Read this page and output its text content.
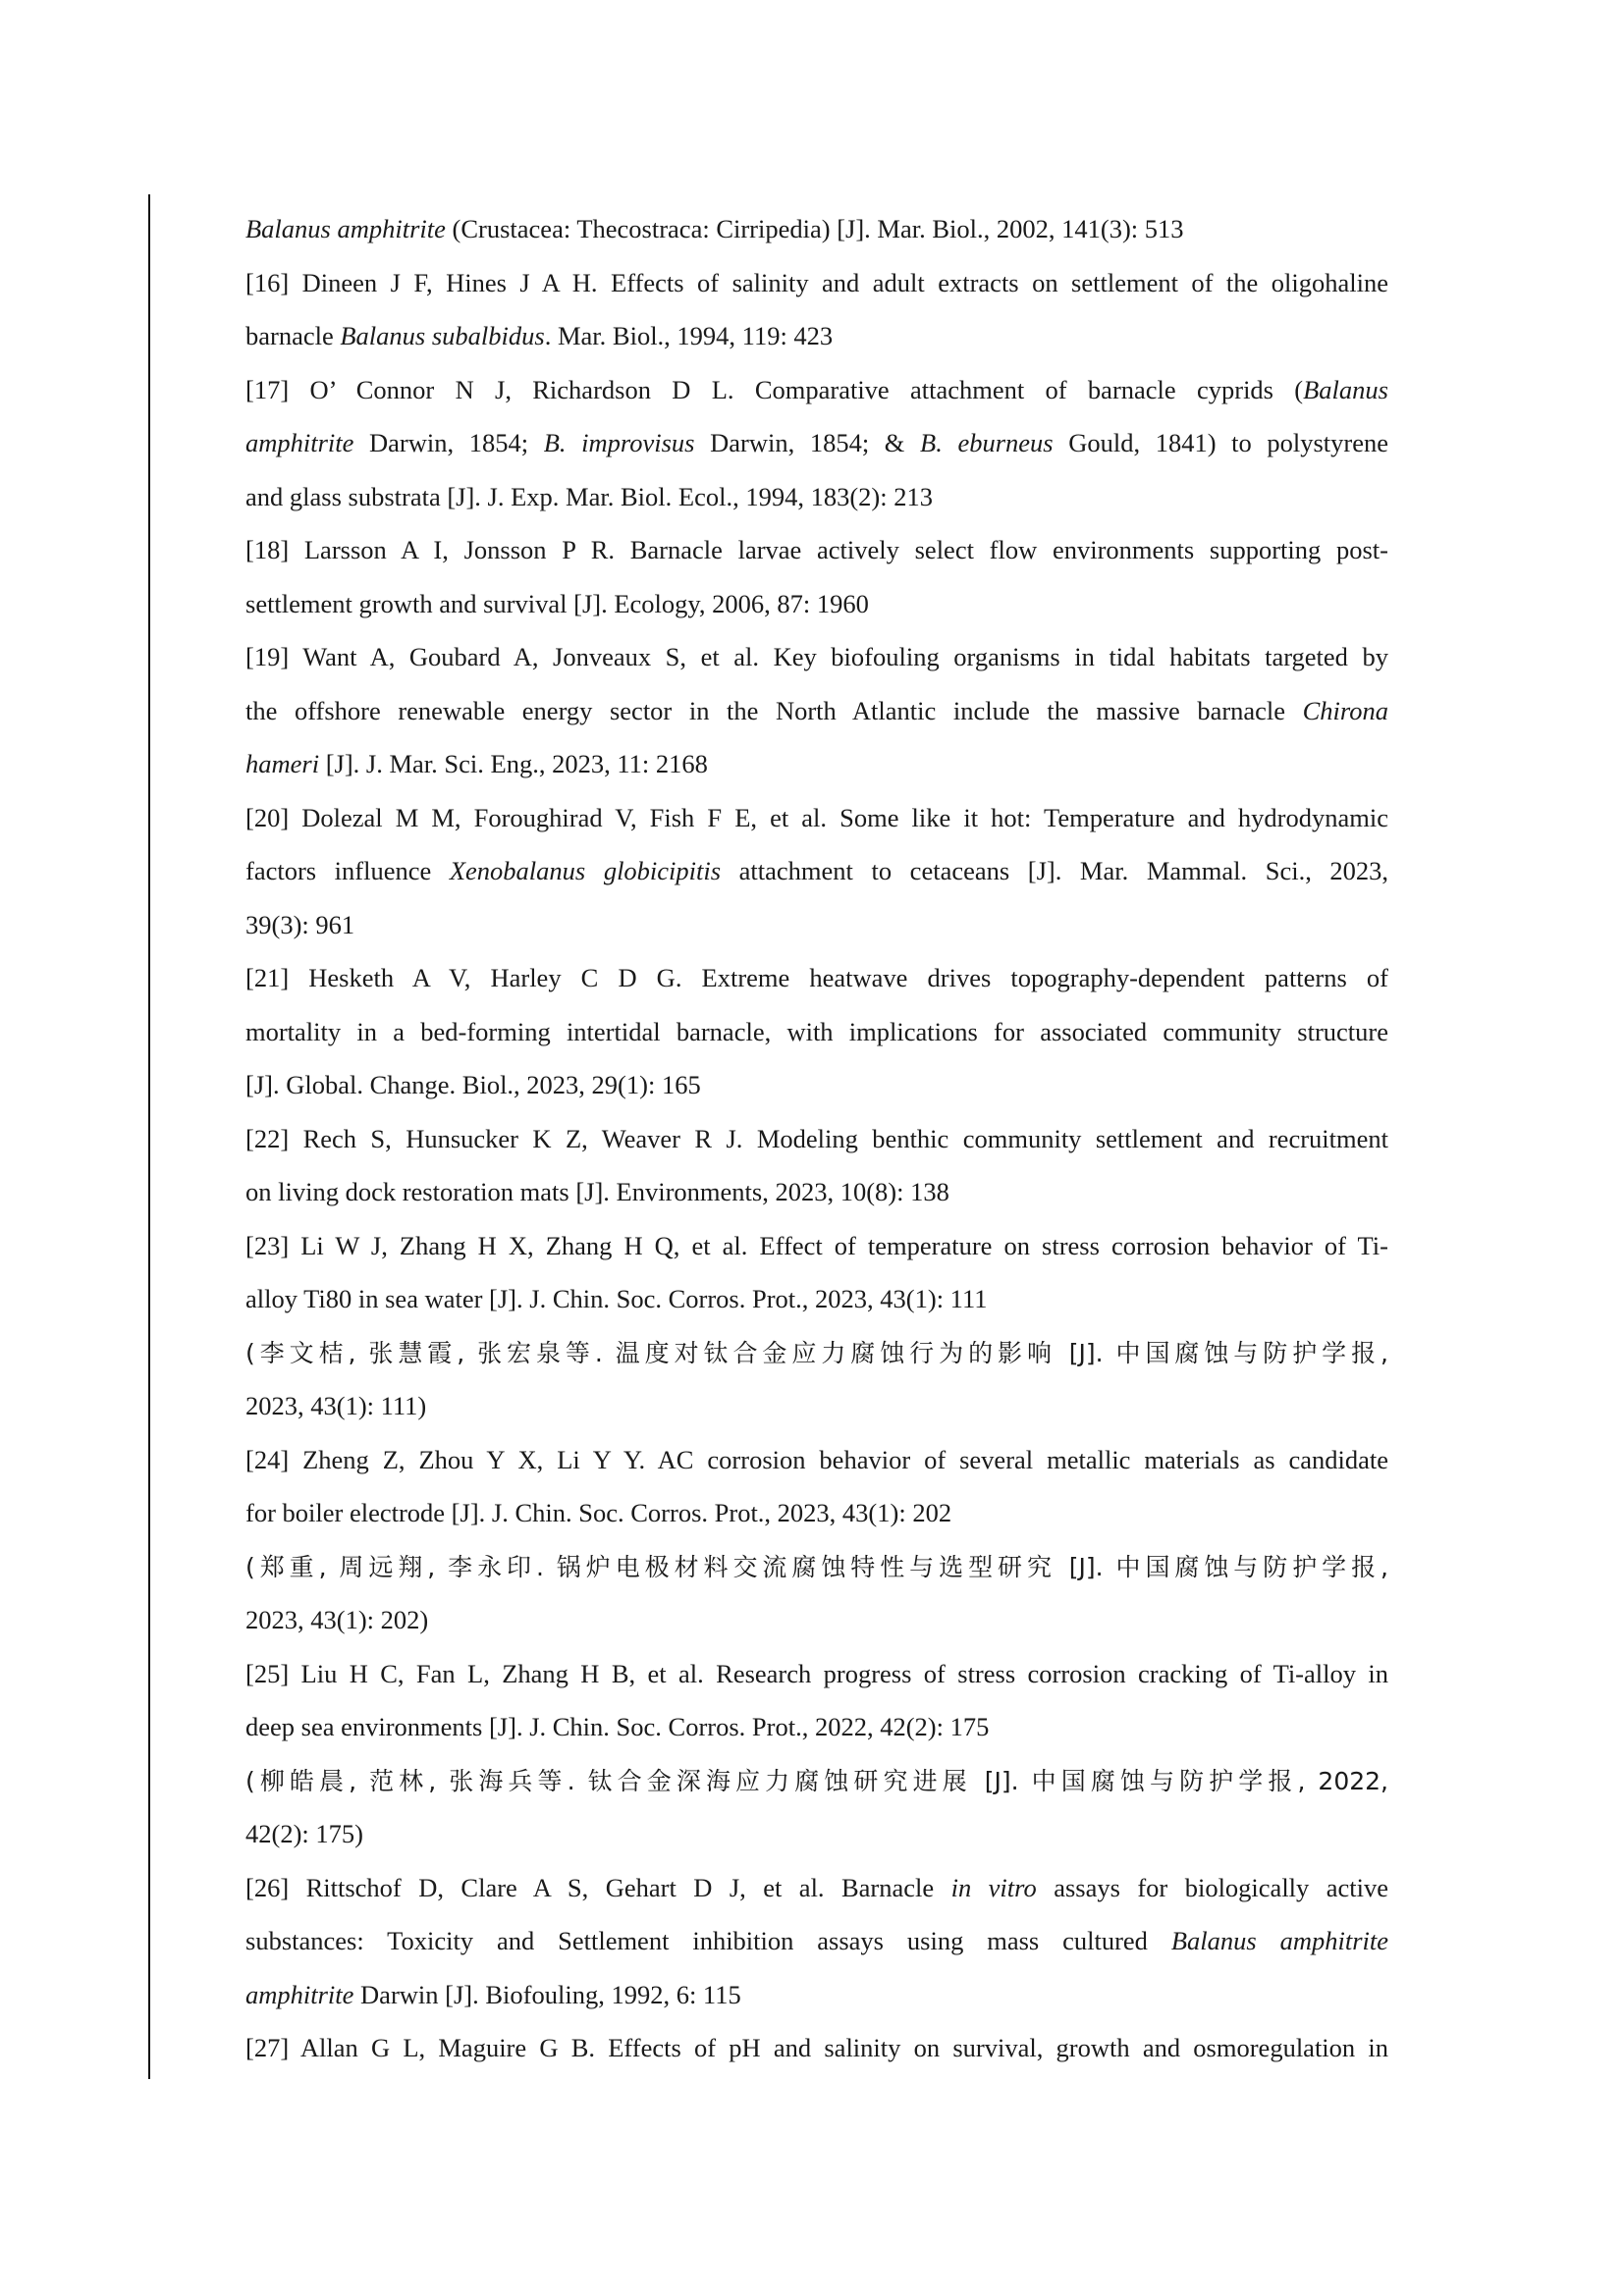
Balanus amphitrite (Crustacea: Thecostraca: Cirripedia) [J]. Mar. Biol., 2002, 141(3): 513
[16] Dineen J F, Hines J A H. Effects of salinity and adult extracts on settlement of the oligohaline
barnacle Balanus subalbidus. Mar. Biol., 1994, 119: 423
[17] O’ Connor N J, Richardson D L. Comparative attachment of barnacle cyprids (Balanus
amphitrite Darwin, 1854; B. improvisus Darwin, 1854; & B. eburneus Gould, 1841) to polystyrene
and glass substrata [J]. J. Exp. Mar. Biol. Ecol., 1994, 183(2): 213
[18] Larsson A I, Jonsson P R. Barnacle larvae actively select flow environments supporting post-
settlement growth and survival [J]. Ecology, 2006, 87: 1960
[19] Want A, Goubard A, Jonveaux S, et al. Key biofouling organisms in tidal habitats targeted by
the offshore renewable energy sector in the North Atlantic include the massive barnacle Chirona
hameri [J]. J. Mar. Sci. Eng., 2023, 11: 2168
[20] Dolezal M M, Foroughirad V, Fish F E, et al. Some like it hot: Temperature and hydrodynamic
factors influence Xenobalanus globicipitis attachment to cetaceans [J]. Mar. Mammal. Sci., 2023,
39(3): 961
[21] Hesketh A V, Harley C D G. Extreme heatwave drives topography-dependent patterns of
mortality in a bed-forming intertidal barnacle, with implications for associated community structure
[J]. Global. Change. Biol., 2023, 29(1): 165
[22] Rech S, Hunsucker K Z, Weaver R J. Modeling benthic community settlement and recruitment
on living dock restoration mats [J]. Environments, 2023, 10(8): 138
[23] Li W J, Zhang H X, Zhang H Q, et al. Effect of temperature on stress corrosion behavior of Ti-
alloy Ti80 in sea water [J]. J. Chin. Soc. Corros. Prot., 2023, 43(1): 111
(李文桔, 张慧霞, 张宏泉等. 温度对钛合金应力腐蚀行为的影响 [J]. 中国腐蚀与防护学报,
2023, 43(1): 111)
[24] Zheng Z, Zhou Y X, Li Y Y. AC corrosion behavior of several metallic materials as candidate
for boiler electrode [J]. J. Chin. Soc. Corros. Prot., 2023, 43(1): 202
(郑重, 周远翔, 李永印. 锅炉电极材料交流腐蚀特性与选型研究 [J]. 中国腐蚀与防护学报,
2023, 43(1): 202)
[25] Liu H C, Fan L, Zhang H B, et al. Research progress of stress corrosion cracking of Ti-alloy in
deep sea environments [J]. J. Chin. Soc. Corros. Prot., 2022, 42(2): 175
(柳皓晨, 范林, 张海兵等. 钛合金深海应力腐蚀研究进展 [J]. 中国腐蚀与防护学报, 2022,
42(2): 175)
[26] Rittschof D, Clare A S, Gehart D J, et al. Barnacle in vitro assays for biologically active
substances: Toxicity and Settlement inhibition assays using mass cultured Balanus amphitrite
amphitrite Darwin [J]. Biofouling, 1992, 6: 115
[27] Allan G L, Maguire G B. Effects of pH and salinity on survival, growth and osmoregulation in
